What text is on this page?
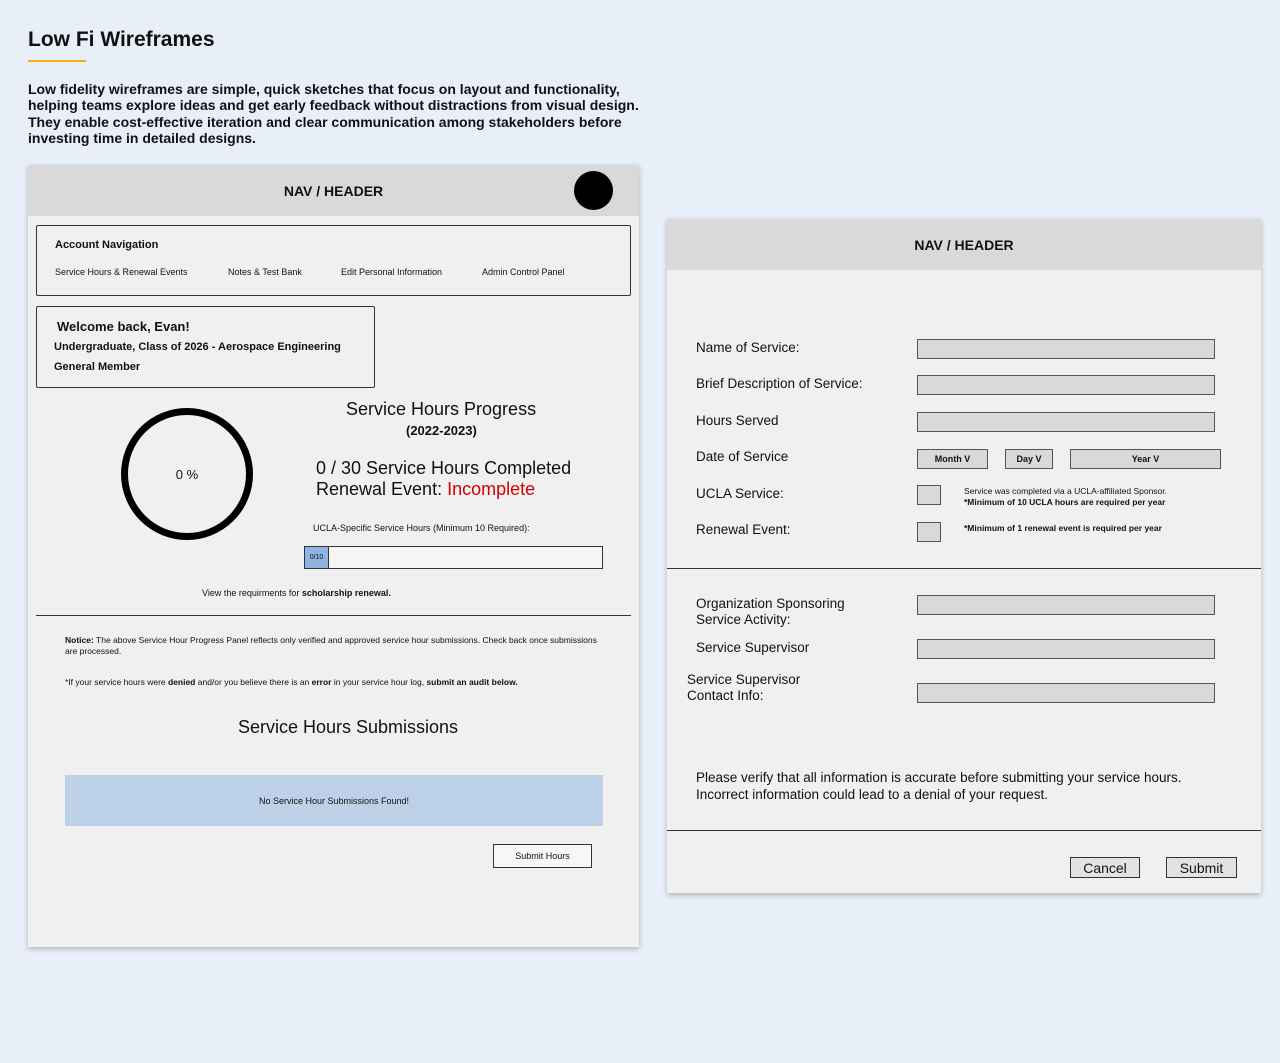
Low Fi Wireframes

Low fidelity wireframes are simple, quick sketches that focus on layout and functionality, helping teams explore ideas and get early feedback without distractions from visual design. They enable cost-effective iteration and clear communication among stakeholders before investing time in detailed designs.

NAV / HEADER
Account Navigation
Service Hours & Renewal Events	Notes & Test Bank	Edit Personal Information	Admin Control Panel
Welcome back, Evan!
Undergraduate, Class of 2026 - Aerospace Engineering
General Member
0 %
Service Hours Progress
(2022-2023)
0 / 30 Service Hours Completed
Renewal Event: Incomplete
UCLA-Specific Service Hours (Minimum 10 Required):
0/10
View the requirments for scholarship renewal.

Notice: The above Service Hour Progress Panel reflects only verified and approved service hour submissions. Check back once submissions are processed.

*If your service hours were denied and/or you believe there is an error in your service hour log, submit an audit below.

Service Hours Submissions
No Service Hour Submissions Found!
Submit Hours
NAV / HEADER
Name of Service:
Brief Description of Service:
Hours Served
Date of Service	Month V	Day V	Year V
UCLA Service:	Service was completed via a UCLA-affiliated Sponsor.
*Minimum of 10 UCLA hours are required per year
Renewal Event:	*Minimum of 1 renewal event is required per year
Organization Sponsoring
Service Activity:
Service Supervisor
Service Supervisor
Contact Info:

Please verify that all information is accurate before submitting your service hours. Incorrect information could lead to a denial of your request.

Cancel	Submit
